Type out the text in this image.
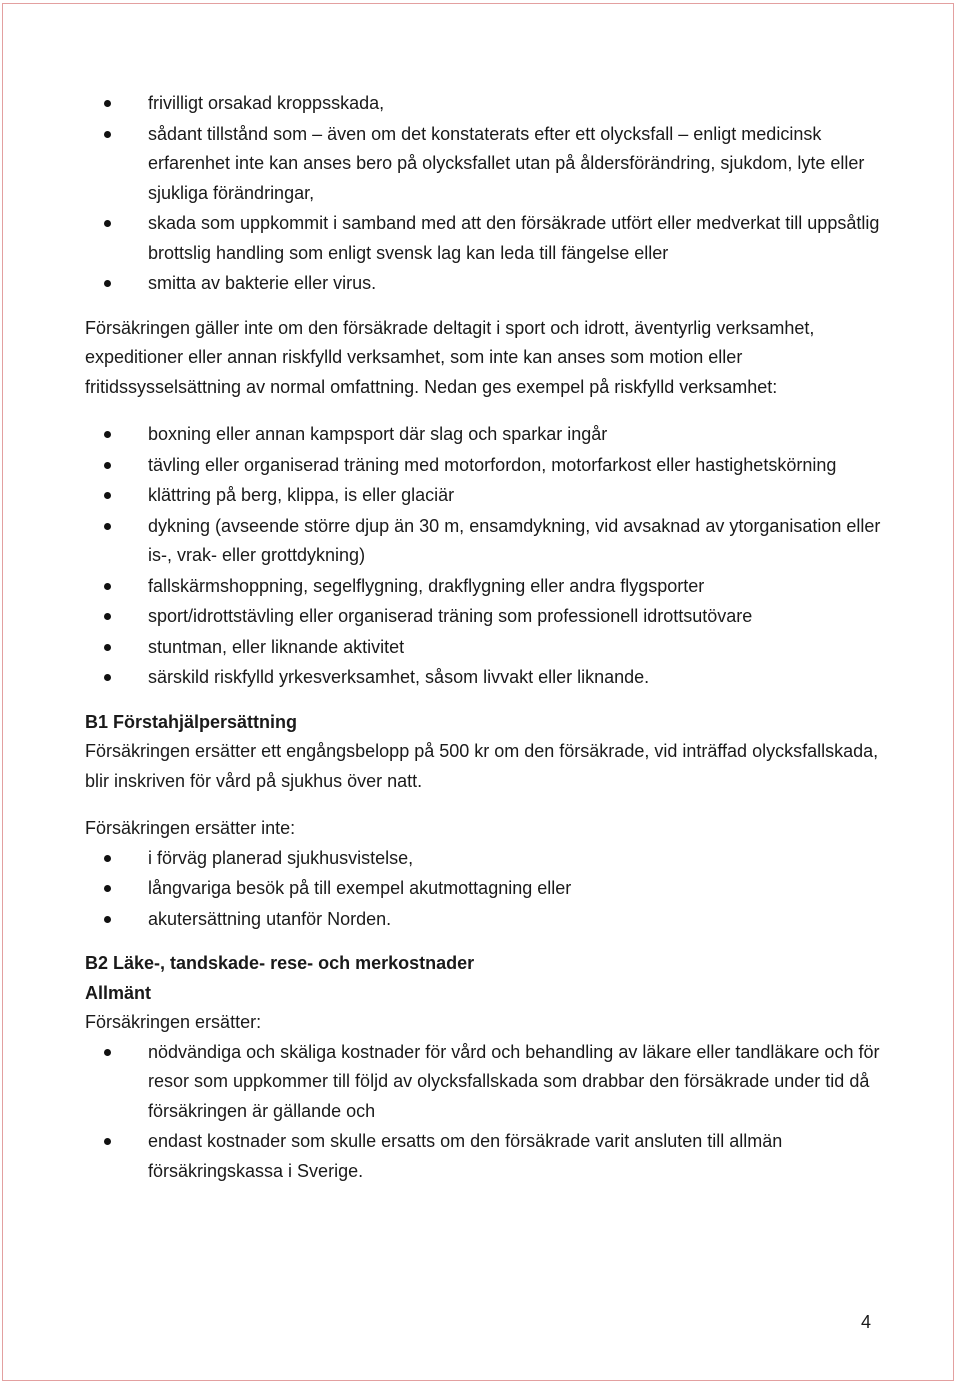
frivilligt orsakad kroppsskada,
sådant tillstånd som – även om det konstaterats efter ett olycksfall – enligt medicinsk erfarenhet inte kan anses bero på olycksfallet utan på åldersförändring, sjukdom, lyte eller sjukliga förändringar,
skada som uppkommit i samband med att den försäkrade utfört eller medverkat till uppsåtlig brottslig handling som enligt svensk lag kan leda till fängelse eller
smitta av bakterie eller virus.

Försäkringen gäller inte om den försäkrade deltagit i sport och idrott, äventyrlig verksamhet, expeditioner eller annan riskfylld verksamhet, som inte kan anses som motion eller fritidssysselsättning av normal omfattning. Nedan ges exempel på riskfylld verksamhet:

boxning eller annan kampsport där slag och sparkar ingår
tävling eller organiserad träning med motorfordon, motorfarkost eller hastighetskörning
klättring på berg, klippa, is eller glaciär
dykning (avseende större djup än 30 m, ensamdykning, vid avsaknad av ytorganisation eller is-, vrak- eller grottdykning)
fallskärmshoppning, segelflygning, drakflygning eller andra flygsporter
sport/idrottstävling eller organiserad träning som professionell idrottsutövare
stuntman, eller liknande aktivitet
särskild riskfylld yrkesverksamhet, såsom livvakt eller liknande.

B1 Förstahjälpersättning

Försäkringen ersätter ett engångsbelopp på 500 kr om den försäkrade, vid inträffad olycksfallskada, blir inskriven för vård på sjukhus över natt.

Försäkringen ersätter inte:

i förväg planerad sjukhusvistelse,
långvariga besök på till exempel akutmottagning eller
akutersättning utanför Norden.

B2 Läke-, tandskade- rese- och merkostnader

Allmänt

Försäkringen ersätter:

nödvändiga och skäliga kostnader för vård och behandling av läkare eller tandläkare och för resor som uppkommer till följd av olycksfallskada som drabbar den försäkrade under tid då försäkringen är gällande och
endast kostnader som skulle ersatts om den försäkrade varit ansluten till allmän försäkringskassa i Sverige.
4
